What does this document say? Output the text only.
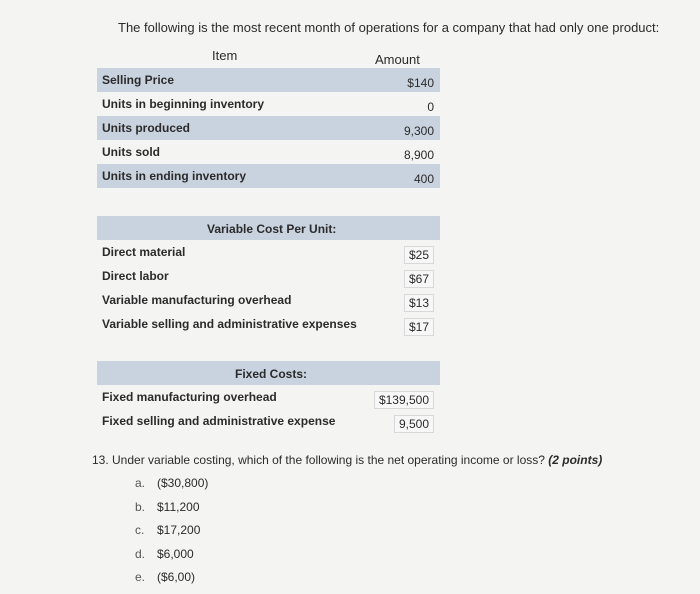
The following is the most recent month of operations for a company that had only one product:
Item	Amount
Selling Price	$140
Units in beginning inventory	0
Units produced	9,300
Units sold	8,900
Units in ending inventory	400
Variable Cost Per Unit:
Direct material	$25
Direct labor	$67
Variable manufacturing overhead	$13
Variable selling and administrative expenses	$17
Fixed Costs:
Fixed manufacturing overhead	$139,500
Fixed selling and administrative expense	9,500
13. Under variable costing, which of the following is the net operating income or loss? (2 points)
a. ($30,800)
b. $11,200
c. $17,200
d. $6,000
e. ($6,00)
